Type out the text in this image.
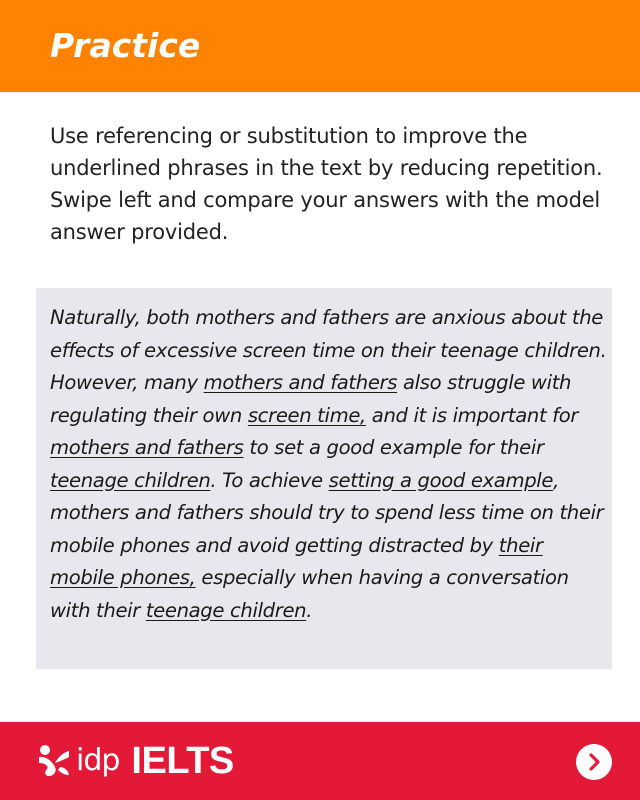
Practice

Use referencing or substitution to improve the underlined phrases in the text by reducing repetition. Swipe left and compare your answers with the model answer provided.

Naturally, both mothers and fathers are anxious about the effects of excessive screen time on their teenage children. However, many mothers and fathers also struggle with regulating their own screen time, and it is important for mothers and fathers to set a good example for their teenage children. To achieve setting a good example, mothers and fathers should try to spend less time on their mobile phones and avoid getting distracted by their mobile phones, especially when having a conversation with their teenage children.

idp IELTS
